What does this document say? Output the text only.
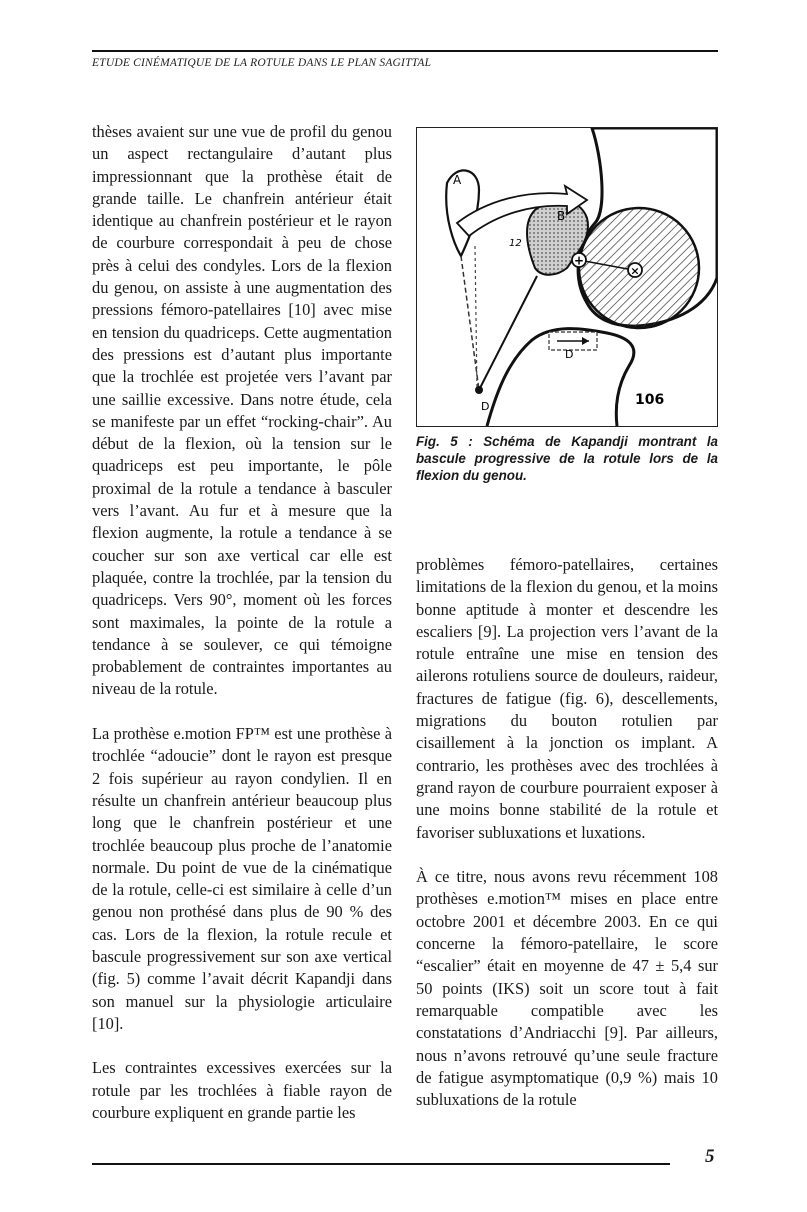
ETUDE CINÉMATIQUE DE LA ROTULE DANS LE PLAN SAGITTAL

thèses avaient sur une vue de profil du genou un aspect rectangulaire d’autant plus impressionnant que la prothèse était de grande taille. Le chanfrein antérieur était identique au chanfrein postérieur et le rayon de courbure correspondait à peu de chose près à celui des condyles. Lors de la flexion du genou, on assiste à une augmentation des pressions fémoro-patellaires [10] avec mise en tension du quadriceps. Cette augmentation des pressions est d’autant plus importante que la trochlée est projetée vers l’avant par une saillie excessive. Dans notre étude, cela se manifeste par un effet “rocking-chair”. Au début de la flexion, où la tension sur le quadriceps est peu importante, le pôle proximal de la rotule a tendance à basculer vers l’avant. Au fur et à mesure que la flexion augmente, la rotule a tendance à se coucher sur son axe vertical car elle est plaquée, contre la trochlée, par la tension du quadriceps. Vers 90°, moment où les forces sont maximales, la pointe de la rotule a tendance à se soulever, ce qui témoigne probablement de contraintes importantes au niveau de la rotule.

La prothèse e.motion FP™ est une prothèse à trochlée “adoucie” dont le rayon est presque 2 fois supérieur au rayon condylien. Il en résulte un chanfrein antérieur beaucoup plus long que le chanfrein postérieur et une trochlée beaucoup plus proche de l’anatomie normale. Du point de vue de la cinématique de la rotule, celle-ci est similaire à celle d’un genou non prothésé dans plus de 90 % des cas. Lors de la flexion, la rotule recule et bascule progressivement sur son axe vertical (fig. 5) comme l’avait décrit Kapandji dans son manuel sur la physiologie articulaire [10].

Les contraintes excessives exercées sur la rotule par les trochlées à fiable rayon de courbure expliquent en grande partie les

+
×
A
B
12
D
D	106
Fig. 5 : Schéma de Kapandji montrant la bascule progressive de la rotule lors de la flexion du genou.

problèmes fémoro-patellaires, certaines limitations de la flexion du genou, et la moins bonne aptitude à monter et descendre les escaliers [9]. La projection vers l’avant de la rotule entraîne une mise en tension des ailerons rotuliens source de douleurs, raideur, fractures de fatigue (fig. 6), descellements, migrations du bouton rotulien par cisaillement à la jonction os implant. A contrario, les prothèses avec des trochlées à grand rayon de courbure pourraient exposer à une moins bonne stabilité de la rotule et favoriser subluxations et luxations.

À ce titre, nous avons revu récemment 108 prothèses e.motion™ mises en place entre octobre 2001 et décembre 2003. En ce qui concerne la fémoro-patellaire, le score “escalier” était en moyenne de 47 ± 5,4 sur 50 points (IKS) soit un score tout à fait remarquable compatible avec les constatations d’Andriacchi [9]. Par ailleurs, nous n’avons retrouvé qu’une seule fracture de fatigue asymptomatique (0,9 %) mais 10 subluxations de la rotule

5
